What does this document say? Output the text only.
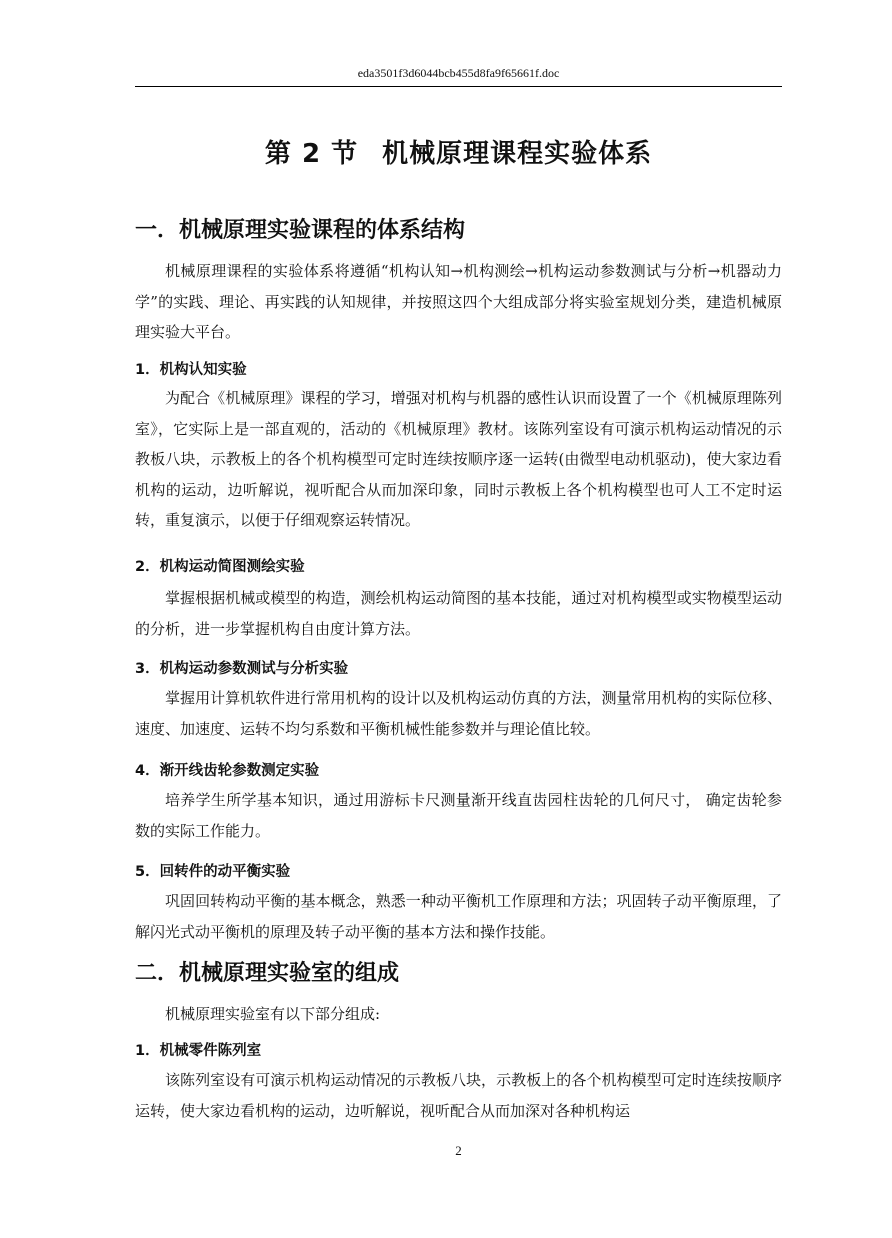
eda3501f3d6044bcb455d8fa9f65661f.doc
第 2 节 机械原理课程实验体系
一．机械原理实验课程的体系结构

机械原理课程的实验体系将遵循“机构认知→机构测绘→机构运动参数测试与分析→机器动力学”的实践、理论、再实践的认知规律，并按照这四个大组成部分将实验室规划分类，建造机械原理实验大平台。

1．机构认知实验

为配合《机械原理》课程的学习，增强对机构与机器的感性认识而设置了一个《机械原理陈列室》，它实际上是一部直观的，活动的《机械原理》教材。该陈列室设有可演示机构运动情况的示教板八块，示教板上的各个机构模型可定时连续按顺序逐一运转(由微型电动机驱动)，使大家边看机构的运动，边听解说，视听配合从而加深印象，同时示教板上各个机构模型也可人工不定时运转，重复演示，以便于仔细观察运转情况。

2．机构运动简图测绘实验

掌握根据机械或模型的构造，测绘机构运动简图的基本技能，通过对机构模型或实物模型运动的分析，进一步掌握机构自由度计算方法。

3．机构运动参数测试与分析实验

掌握用计算机软件进行常用机构的设计以及机构运动仿真的方法，测量常用机构的实际位移、速度、加速度、运转不均匀系数和平衡机械性能参数并与理论值比较。

4．渐开线齿轮参数测定实验

培养学生所学基本知识，通过用游标卡尺测量渐开线直齿园柱齿轮的几何尺寸， 确定齿轮参数的实际工作能力。

5．回转件的动平衡实验

巩固回转构动平衡的基本概念，熟悉一种动平衡机工作原理和方法；巩固转子动平衡原理，了解闪光式动平衡机的原理及转子动平衡的基本方法和操作技能。

二．机械原理实验室的组成

机械原理实验室有以下部分组成:

1．机械零件陈列室

该陈列室设有可演示机构运动情况的示教板八块，示教板上的各个机构模型可定时连续按顺序运转，使大家边看机构的运动，边听解说，视听配合从而加深对各种机构运

2
